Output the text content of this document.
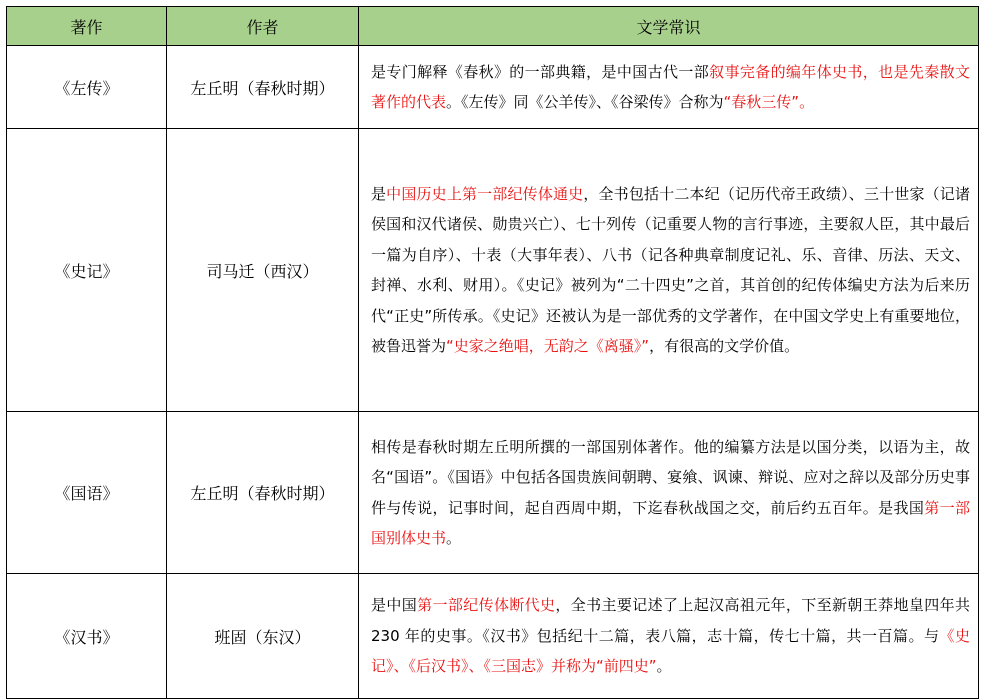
著作	作者	文学常识
《左传》	左丘明（春秋时期）	是专门解释《春秋》的一部典籍，是中国古代一部叙事完备的编年体史书，也是先秦散文著作的代表。《左传》同《公羊传》、《谷梁传》合称为“春秋三传”。
《史记》	司马迁（西汉）	是中国历史上第一部纪传体通史，全书包括十二本纪（记历代帝王政绩）、三十世家（记诸侯国和汉代诸侯、勋贵兴亡）、七十列传（记重要人物的言行事迹，主要叙人臣，其中最后一篇为自序）、十表（大事年表）、八书（记各种典章制度记礼、乐、音律、历法、天文、封禅、水利、财用）。《史记》被列为“二十四史”之首，其首创的纪传体编史方法为后来历代“正史”所传承。《史记》还被认为是一部优秀的文学著作，在中国文学史上有重要地位，被鲁迅誉为“史家之绝唱，无韵之《离骚》”，有很高的文学价值。
《国语》	左丘明（春秋时期）	相传是春秋时期左丘明所撰的一部国别体著作。他的编纂方法是以国分类，以语为主，故名“国语”。《国语》中包括各国贵族间朝聘、宴飨、讽谏、辩说、应对之辞以及部分历史事件与传说，记事时间，起自西周中期，下迄春秋战国之交，前后约五百年。是我国第一部国别体史书。
《汉书》	班固（东汉）	是中国第一部纪传体断代史，全书主要记述了上起汉高祖元年，下至新朝王莽地皇四年共 230 年的史事。《汉书》包括纪十二篇，表八篇，志十篇，传七十篇，共一百篇。与《史记》、《后汉书》、《三国志》并称为“前四史”。
